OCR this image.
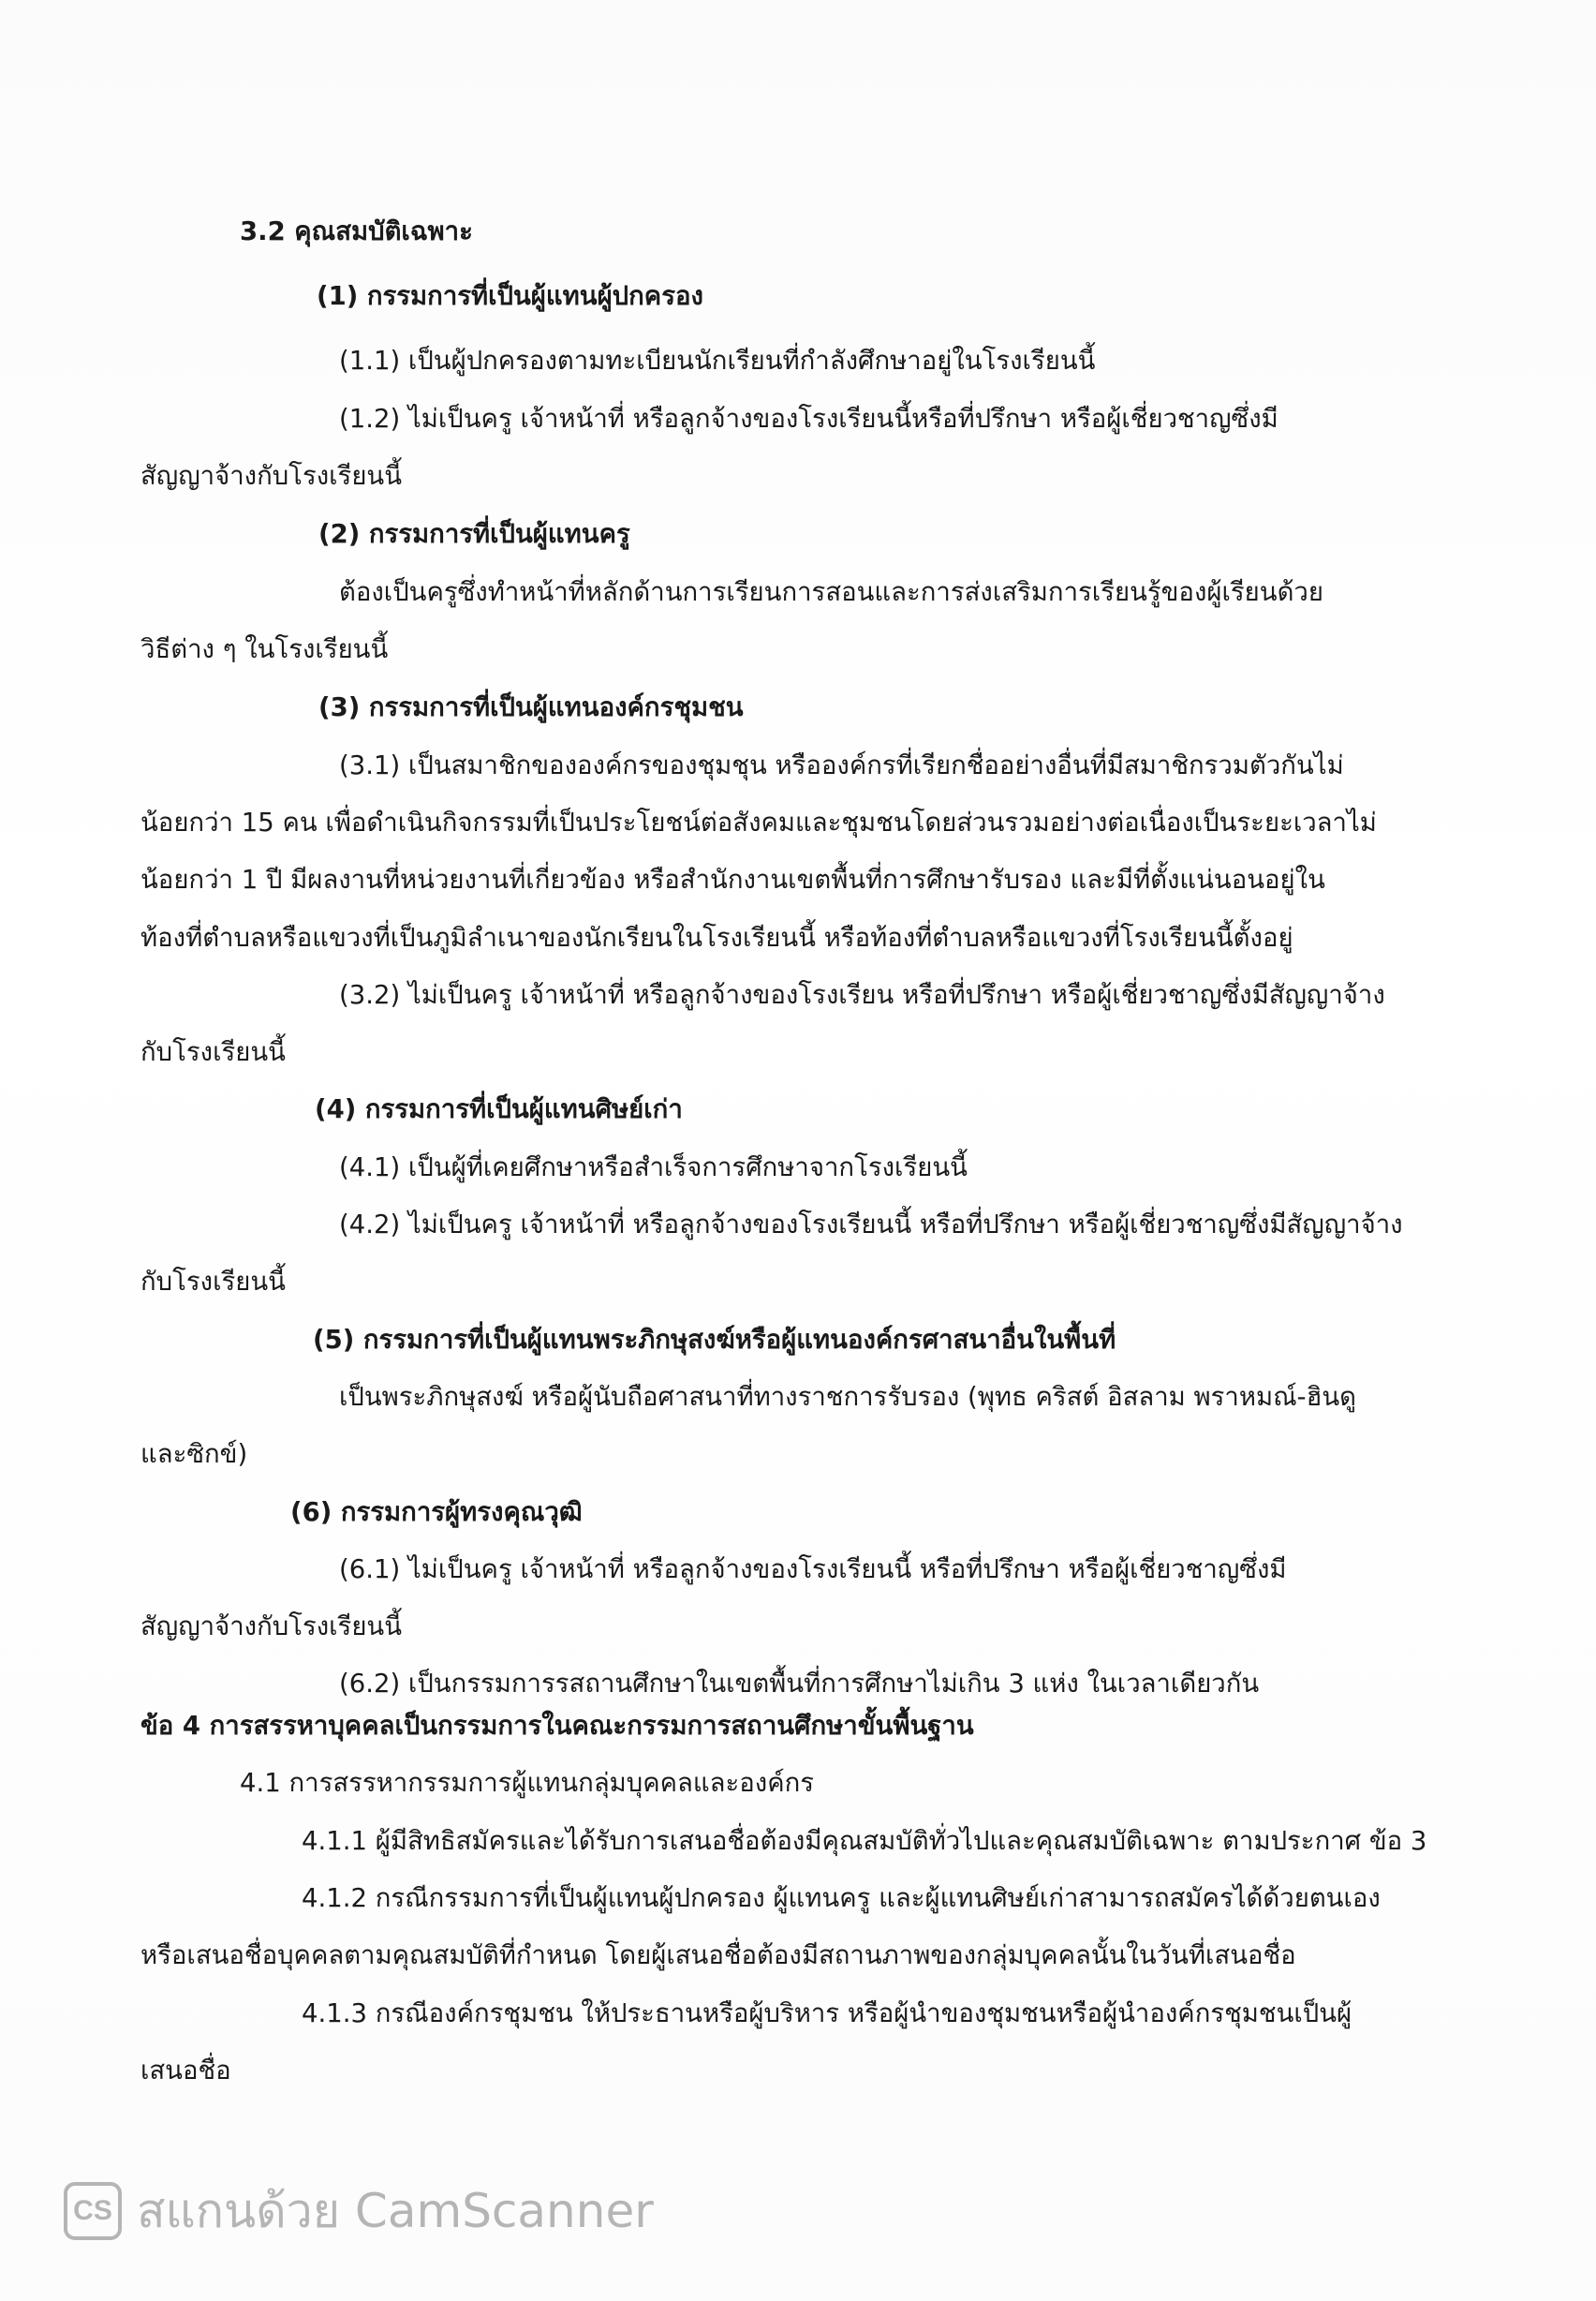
3.2 คุณสมบัติเฉพาะ

(1) กรรมการที่เป็นผู้แทนผู้ปกครอง

(1.1) เป็นผู้ปกครองตามทะเบียนนักเรียนที่กำลังศึกษาอยู่ในโรงเรียนนี้

(1.2) ไม่เป็นครู เจ้าหน้าที่ หรือลูกจ้างของโรงเรียนนี้หรือที่ปรึกษา หรือผู้เชี่ยวชาญซึ่งมี

สัญญาจ้างกับโรงเรียนนี้

(2) กรรมการที่เป็นผู้แทนครู

ต้องเป็นครูซึ่งทำหน้าที่หลักด้านการเรียนการสอนและการส่งเสริมการเรียนรู้ของผู้เรียนด้วย

วิธีต่าง ๆ ในโรงเรียนนี้

(3) กรรมการที่เป็นผู้แทนองค์กรชุมชน

(3.1) เป็นสมาชิกขององค์กรของชุมชุน หรือองค์กรที่เรียกชื่ออย่างอื่นที่มีสมาชิกรวมตัวกันไม่

น้อยกว่า 15 คน เพื่อดำเนินกิจกรรมที่เป็นประโยชน์ต่อสังคมและชุมชนโดยส่วนรวมอย่างต่อเนื่องเป็นระยะเวลาไม่

น้อยกว่า 1 ปี มีผลงานที่หน่วยงานที่เกี่ยวข้อง หรือสำนักงานเขตพื้นที่การศึกษารับรอง และมีที่ตั้งแน่นอนอยู่ใน

ท้องที่ตำบลหรือแขวงที่เป็นภูมิลำเนาของนักเรียนในโรงเรียนนี้ หรือท้องที่ตำบลหรือแขวงที่โรงเรียนนี้ตั้งอยู่

(3.2) ไม่เป็นครู เจ้าหน้าที่ หรือลูกจ้างของโรงเรียน หรือที่ปรึกษา หรือผู้เชี่ยวชาญซึ่งมีสัญญาจ้าง

กับโรงเรียนนี้

(4) กรรมการที่เป็นผู้แทนศิษย์เก่า

(4.1) เป็นผู้ที่เคยศึกษาหรือสำเร็จการศึกษาจากโรงเรียนนี้

(4.2) ไม่เป็นครู เจ้าหน้าที่ หรือลูกจ้างของโรงเรียนนี้ หรือที่ปรึกษา หรือผู้เชี่ยวชาญซึ่งมีสัญญาจ้าง

กับโรงเรียนนี้

(5) กรรมการที่เป็นผู้แทนพระภิกษุสงฆ์หรือผู้แทนองค์กรศาสนาอื่นในพื้นที่

เป็นพระภิกษุสงฆ์ หรือผู้นับถือศาสนาที่ทางราชการรับรอง (พุทธ คริสต์ อิสลาม พราหมณ์-ฮินดู

และซิกข์)

(6) กรรมการผู้ทรงคุณวุฒิ

(6.1) ไม่เป็นครู เจ้าหน้าที่ หรือลูกจ้างของโรงเรียนนี้ หรือที่ปรึกษา หรือผู้เชี่ยวชาญซึ่งมี

สัญญาจ้างกับโรงเรียนนี้

(6.2) เป็นกรรมการรสถานศึกษาในเขตพื้นที่การศึกษาไม่เกิน 3 แห่ง ในเวลาเดียวกัน

ข้อ 4 การสรรหาบุคคลเป็นกรรมการในคณะกรรมการสถานศึกษาขั้นพื้นฐาน

4.1 การสรรหากรรมการผู้แทนกลุ่มบุคคลและองค์กร

4.1.1 ผู้มีสิทธิสมัครและได้รับการเสนอชื่อต้องมีคุณสมบัติทั่วไปและคุณสมบัติเฉพาะ ตามประกาศ ข้อ 3

4.1.2 กรณีกรรมการที่เป็นผู้แทนผู้ปกครอง ผู้แทนครู และผู้แทนศิษย์เก่าสามารถสมัครได้ด้วยตนเอง

หรือเสนอชื่อบุคคลตามคุณสมบัติที่กำหนด โดยผู้เสนอชื่อต้องมีสถานภาพของกลุ่มบุคคลนั้นในวันที่เสนอชื่อ

4.1.3 กรณีองค์กรชุมชน ให้ประธานหรือผู้บริหาร หรือผู้นำของชุมชนหรือผู้นำองค์กรชุมชนเป็นผู้

เสนอชื่อ

CS สแกนด้วย CamScanner
